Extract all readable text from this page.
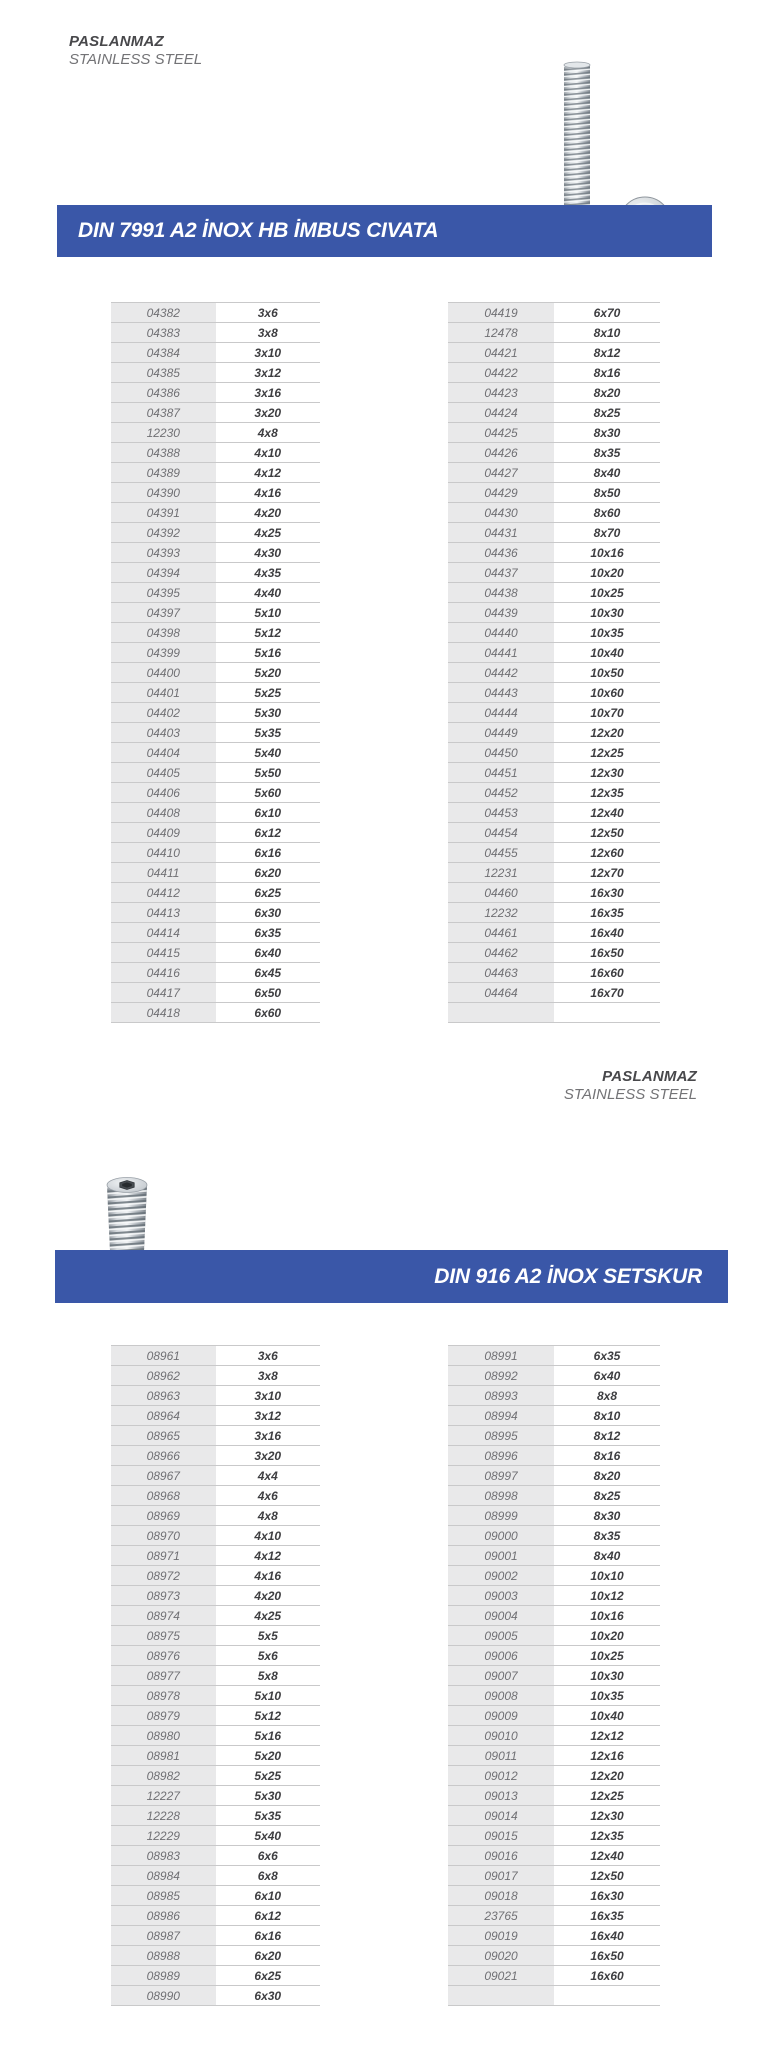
PASLANMAZ
STAINLESS STEEL
DIN 7991 A2 İNOX HB İMBUS CIVATA
04382	3x6
04383	3x8
04384	3x10
04385	3x12
04386	3x16
04387	3x20
12230	4x8
04388	4x10
04389	4x12
04390	4x16
04391	4x20
04392	4x25
04393	4x30
04394	4x35
04395	4x40
04397	5x10
04398	5x12
04399	5x16
04400	5x20
04401	5x25
04402	5x30
04403	5x35
04404	5x40
04405	5x50
04406	5x60
04408	6x10
04409	6x12
04410	6x16
04411	6x20
04412	6x25
04413	6x30
04414	6x35
04415	6x40
04416	6x45
04417	6x50
04418	6x60
04419	6x70
12478	8x10
04421	8x12
04422	8x16
04423	8x20
04424	8x25
04425	8x30
04426	8x35
04427	8x40
04429	8x50
04430	8x60
04431	8x70
04436	10x16
04437	10x20
04438	10x25
04439	10x30
04440	10x35
04441	10x40
04442	10x50
04443	10x60
04444	10x70
04449	12x20
04450	12x25
04451	12x30
04452	12x35
04453	12x40
04454	12x50
04455	12x60
12231	12x70
04460	16x30
12232	16x35
04461	16x40
04462	16x50
04463	16x60
04464	16x70
PASLANMAZ
STAINLESS STEEL
DIN 916 A2 İNOX SETSKUR
08961	3x6
08962	3x8
08963	3x10
08964	3x12
08965	3x16
08966	3x20
08967	4x4
08968	4x6
08969	4x8
08970	4x10
08971	4x12
08972	4x16
08973	4x20
08974	4x25
08975	5x5
08976	5x6
08977	5x8
08978	5x10
08979	5x12
08980	5x16
08981	5x20
08982	5x25
12227	5x30
12228	5x35
12229	5x40
08983	6x6
08984	6x8
08985	6x10
08986	6x12
08987	6x16
08988	6x20
08989	6x25
08990	6x30
08991	6x35
08992	6x40
08993	8x8
08994	8x10
08995	8x12
08996	8x16
08997	8x20
08998	8x25
08999	8x30
09000	8x35
09001	8x40
09002	10x10
09003	10x12
09004	10x16
09005	10x20
09006	10x25
09007	10x30
09008	10x35
09009	10x40
09010	12x12
09011	12x16
09012	12x20
09013	12x25
09014	12x30
09015	12x35
09016	12x40
09017	12x50
09018	16x30
23765	16x35
09019	16x40
09020	16x50
09021	16x60
